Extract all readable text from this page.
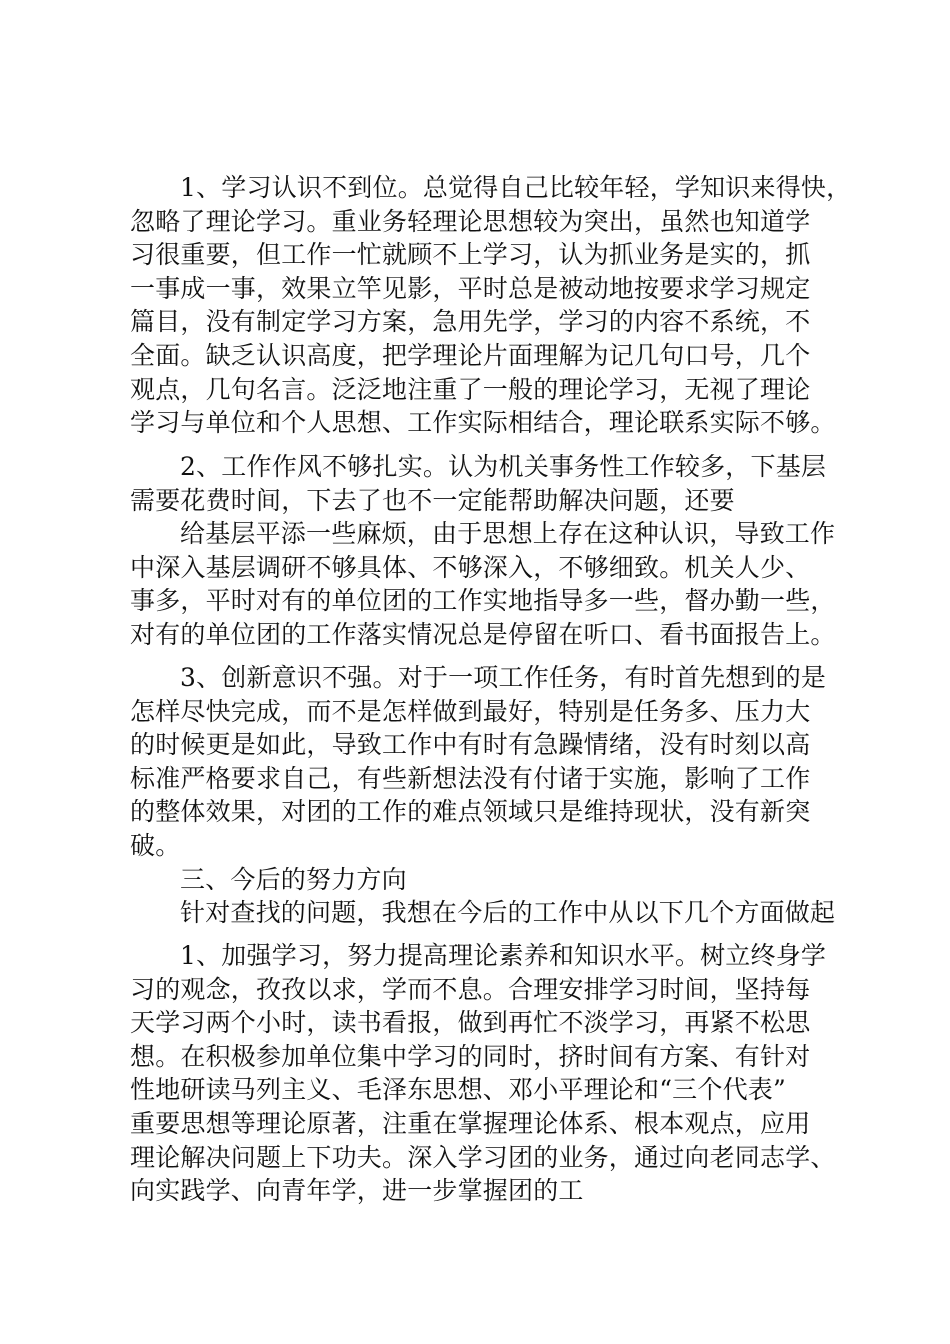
1、学习认识不到位。总觉得自己比较年轻，学知识来得快，
忽略了理论学习。重业务轻理论思想较为突出，虽然也知道学
习很重要，但工作一忙就顾不上学习，认为抓业务是实的，抓
一事成一事，效果立竿见影，平时总是被动地按要求学习规定
篇目，没有制定学习方案，急用先学，学习的内容不系统，不
全面。缺乏认识高度，把学理论片面理解为记几句口号，几个
观点，几句名言。泛泛地注重了一般的理论学习，无视了理论
学习与单位和个人思想、工作实际相结合，理论联系实际不够。
2、工作作风不够扎实。认为机关事务性工作较多，下基层
需要花费时间，下去了也不一定能帮助解决问题，还要
给基层平添一些麻烦，由于思想上存在这种认识，导致工作
中深入基层调研不够具体、不够深入，不够细致。机关人少、
事多，平时对有的单位团的工作实地指导多一些，督办勤一些，
对有的单位团的工作落实情况总是停留在听口、看书面报告上。
3、创新意识不强。对于一项工作任务，有时首先想到的是
怎样尽快完成，而不是怎样做到最好，特别是任务多、压力大
的时候更是如此，导致工作中有时有急躁情绪，没有时刻以高
标准严格要求自己，有些新想法没有付诸于实施，影响了工作
的整体效果，对团的工作的难点领域只是维持现状，没有新突
破。
三、今后的努力方向
针对查找的问题，我想在今后的工作中从以下几个方面做起
1、加强学习，努力提高理论素养和知识水平。树立终身学
习的观念，孜孜以求，学而不息。合理安排学习时间，坚持每
天学习两个小时，读书看报，做到再忙不淡学习，再紧不松思
想。在积极参加单位集中学习的同时，挤时间有方案、有针对
性地研读马列主义、毛泽东思想、邓小平理论和“三个代表”
重要思想等理论原著，注重在掌握理论体系、根本观点，应用
理论解决问题上下功夫。深入学习团的业务，通过向老同志学、
向实践学、向青年学，进一步掌握团的工
